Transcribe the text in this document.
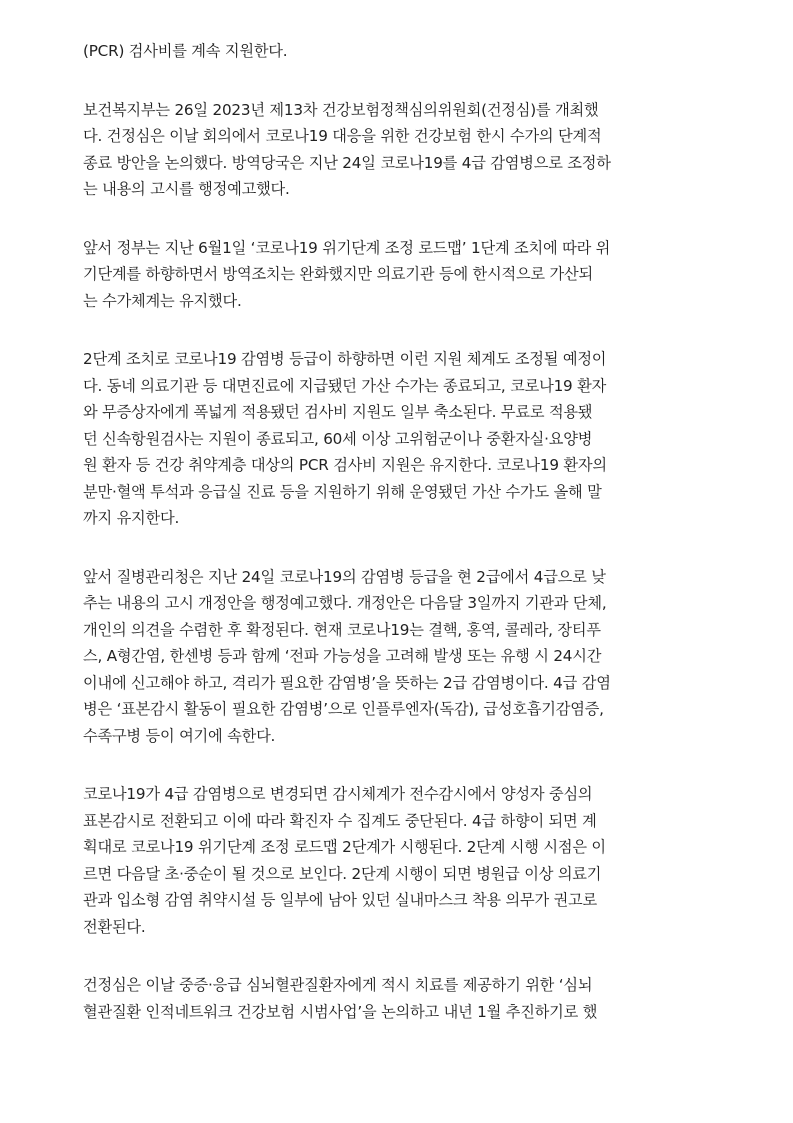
(PCR) 검사비를 계속 지원한다.

보건복지부는 26일 2023년 제13차 건강보험정책심의위원회(건정심)를 개최했
다. 건정심은 이날 회의에서 코로나19 대응을 위한 건강보험 한시 수가의 단계적
종료 방안을 논의했다. 방역당국은 지난 24일 코로나19를 4급 감염병으로 조정하
는 내용의 고시를 행정예고했다.

앞서 정부는 지난 6월1일 ‘코로나19 위기단계 조정 로드맵’ 1단계 조치에 따라 위
기단계를 하향하면서 방역조치는 완화했지만 의료기관 등에 한시적으로 가산되
는 수가체계는 유지했다.

2단계 조치로 코로나19 감염병 등급이 하향하면 이런 지원 체계도 조정될 예정이
다. 동네 의료기관 등 대면진료에 지급됐던 가산 수가는 종료되고, 코로나19 환자
와 무증상자에게 폭넓게 적용됐던 검사비 지원도 일부 축소된다. 무료로 적용됐
던 신속항원검사는 지원이 종료되고, 60세 이상 고위험군이나 중환자실·요양병
원 환자 등 건강 취약계층 대상의 PCR 검사비 지원은 유지한다. 코로나19 환자의
분만·혈액 투석과 응급실 진료 등을 지원하기 위해 운영됐던 가산 수가도 올해 말
까지 유지한다.

앞서 질병관리청은 지난 24일 코로나19의 감염병 등급을 현 2급에서 4급으로 낮
추는 내용의 고시 개정안을 행정예고했다. 개정안은 다음달 3일까지 기관과 단체,
개인의 의견을 수렴한 후 확정된다. 현재 코로나19는 결핵, 홍역, 콜레라, 장티푸
스, A형간염, 한센병 등과 함께 ‘전파 가능성을 고려해 발생 또는 유행 시 24시간
이내에 신고해야 하고, 격리가 필요한 감염병’을 뜻하는 2급 감염병이다. 4급 감염
병은 ‘표본감시 활동이 필요한 감염병’으로 인플루엔자(독감), 급성호흡기감염증,
수족구병 등이 여기에 속한다.

코로나19가 4급 감염병으로 변경되면 감시체계가 전수감시에서 양성자 중심의
표본감시로 전환되고 이에 따라 확진자 수 집계도 중단된다. 4급 하향이 되면 계
획대로 코로나19 위기단계 조정 로드맵 2단계가 시행된다. 2단계 시행 시점은 이
르면 다음달 초·중순이 될 것으로 보인다. 2단계 시행이 되면 병원급 이상 의료기
관과 입소형 감염 취약시설 등 일부에 남아 있던 실내마스크 착용 의무가 권고로
전환된다.

건정심은 이날 중증·응급 심뇌혈관질환자에게 적시 치료를 제공하기 위한 ‘심뇌
혈관질환 인적네트워크 건강보험 시범사업’을 논의하고 내년 1월 추진하기로 했
